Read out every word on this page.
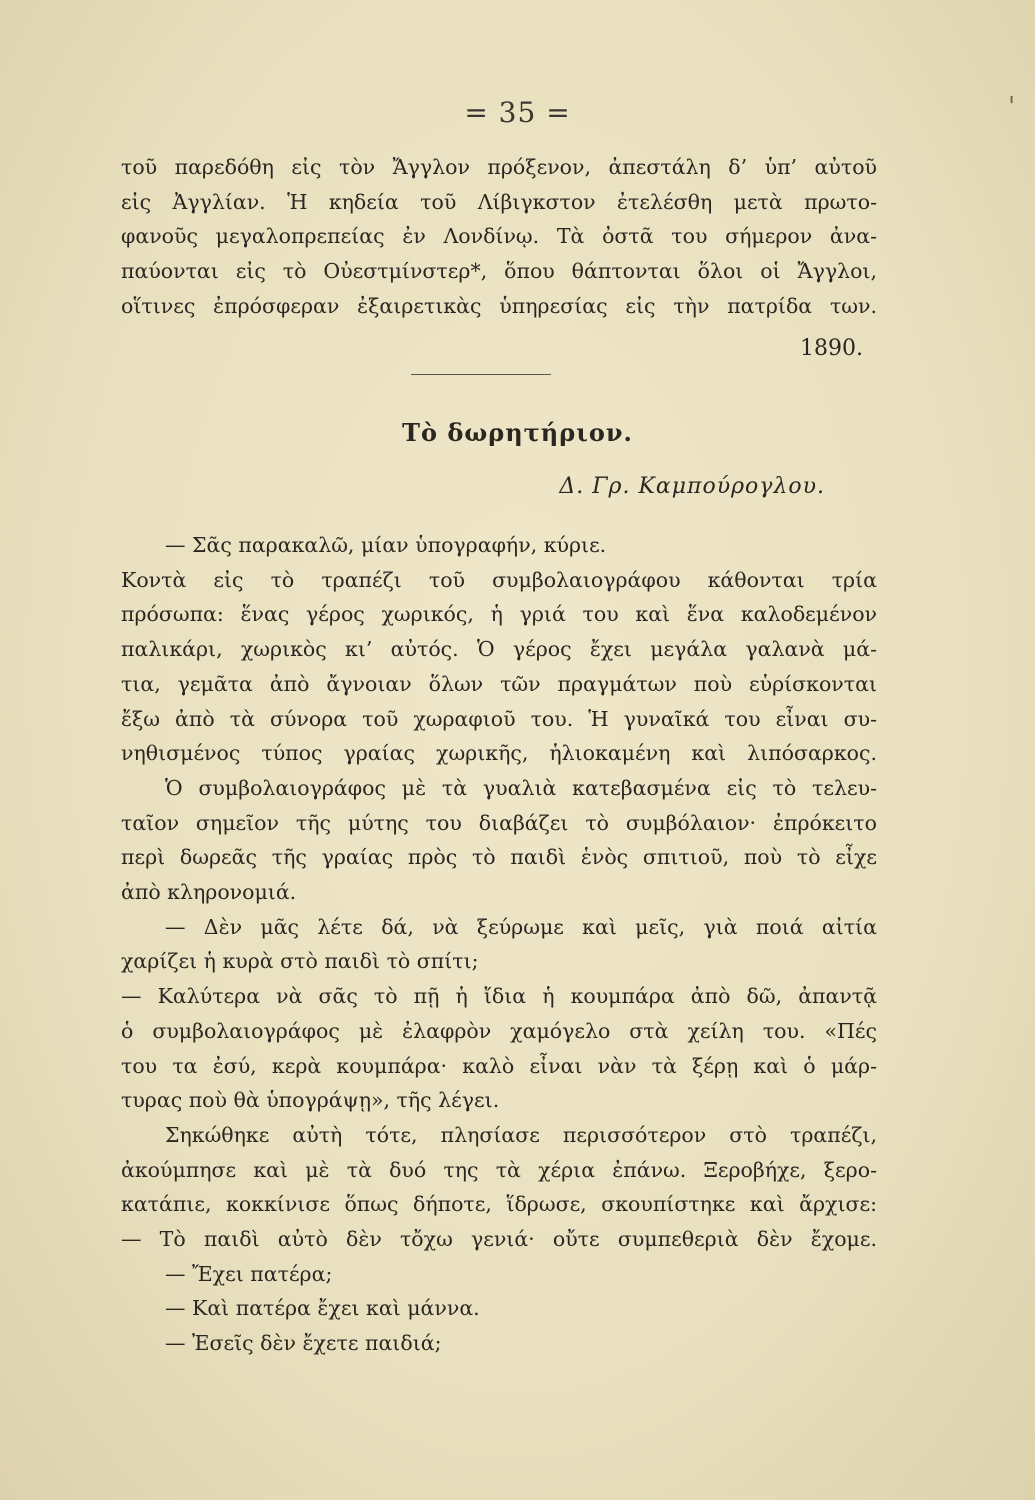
= 35 =	'
τοῦ παρεδόθη εἰς τὸν Ἄγγλον πρόξενον, ἀπεστάλη δ’ ὑπ’ αὐτοῦ
εἰς Ἀγγλίαν. Ἡ κηδεία τοῦ Λίβιγκστον ἐτελέσθη μετὰ πρωτο-
φανοῦς μεγαλοπρεπείας ἐν Λονδίνῳ. Τὰ ὀστᾶ του σήμερον ἀνα-
παύονται εἰς τὸ Οὐεστμίνστερ*, ὅπου θάπτονται ὅλοι οἱ Ἄγγλοι,
οἵτινες ἐπρόσφεραν ἐξαιρετικὰς ὑπηρεσίας εἰς τὴν πατρίδα των.
1890.
Τὸ δωρητήριον.
Δ. Γρ. Καμπούρογλου.
— Σᾶς παρακαλῶ, μίαν ὑπογραφήν, κύριε.
Κοντὰ εἰς τὸ τραπέζι τοῦ συμβολαιογράφου κάθονται τρία
πρόσωπα: ἕνας γέρος χωρικός, ἡ γριά του καὶ ἕνα καλοδεμένον
παλικάρι, χωρικὸς κι’ αὐτός. Ὁ γέρος ἔχει μεγάλα γαλανὰ μά-
τια, γεμᾶτα ἀπὸ ἄγνοιαν ὅλων τῶν πραγμάτων ποὺ εὑρίσκονται
ἔξω ἀπὸ τὰ σύνορα τοῦ χωραφιοῦ του. Ἡ γυναῖκά του εἶναι συ-
νηθισμένος τύπος γραίας χωρικῆς, ἡλιοκαμένη καὶ λιπόσαρκος.
Ὁ συμβολαιογράφος μὲ τὰ γυαλιὰ κατεβασμένα εἰς τὸ τελευ-
ταῖον σημεῖον τῆς μύτης του διαβάζει τὸ συμβόλαιον· ἐπρόκειτο
περὶ δωρεᾶς τῆς γραίας πρὸς τὸ παιδὶ ἑνὸς σπιτιοῦ, ποὺ τὸ εἶχε
ἀπὸ κληρονομιά.
— Δὲν μᾶς λέτε δά, νὰ ξεύρωμε καὶ μεῖς, γιὰ ποιά αἰτία
χαρίζει ἡ κυρὰ στὸ παιδὶ τὸ σπίτι;
— Καλύτερα νὰ σᾶς τὸ πῇ ἡ ἴδια ἡ κουμπάρα ἀπὸ δῶ, ἀπαντᾷ
ὁ συμβολαιογράφος μὲ ἐλαφρὸν χαμόγελο στὰ χείλη του. «Πές
του τα ἐσύ, κερὰ κουμπάρα· καλὸ εἶναι νὰν τὰ ξέρῃ καὶ ὁ μάρ-
τυρας ποὺ θὰ ὑπογράψῃ», τῆς λέγει.
Σηκώθηκε αὐτὴ τότε, πλησίασε περισσότερον στὸ τραπέζι,
ἀκούμπησε καὶ μὲ τὰ δυό της τὰ χέρια ἐπάνω. Ξεροβήχε, ξερο-
κατάπιε, κοκκίνισε ὅπως δήποτε, ἵδρωσε, σκουπίστηκε καὶ ἄρχισε:
— Τὸ παιδὶ αὐτὸ δὲν τὄχω γενιά· οὔτε συμπεθεριὰ δὲν ἔχομε.
— Ἔχει πατέρα;
— Καὶ πατέρα ἔχει καὶ μάννα.
— Ἐσεῖς δὲν ἔχετε παιδιά;
